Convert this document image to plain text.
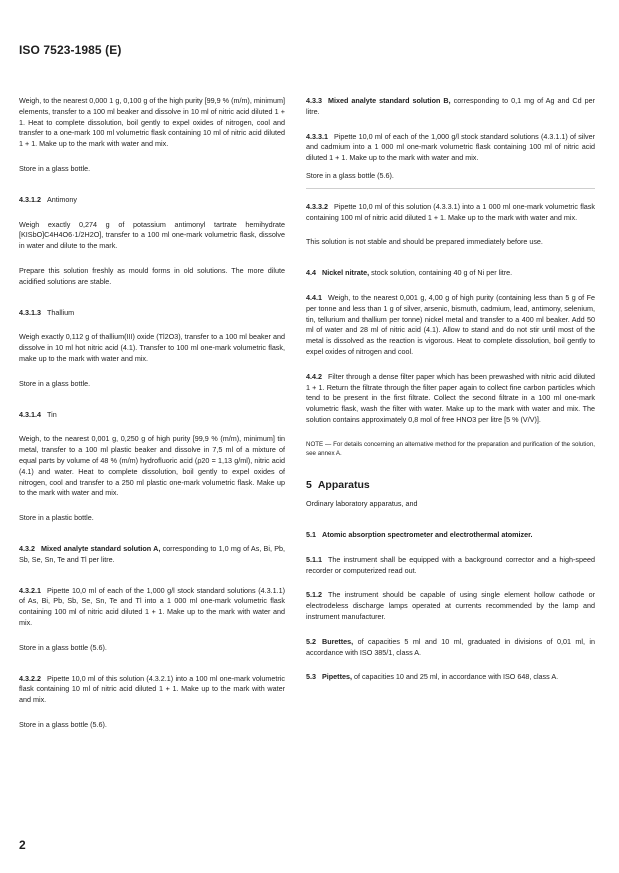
ISO 7523-1985 (E)

Weigh, to the nearest 0,000 1 g, 0,100 g of the high purity [99,9 % (m/m), minimum] elements, transfer to a 100 ml beaker and dissolve in 10 ml of nitric acid diluted 1 + 1. Heat to complete dissolution, boil gently to expel oxides of nitrogen, cool and transfer to a one-mark 100 ml volumetric flask containing 10 ml of nitric acid diluted 1 + 1. Make up to the mark with water and mix.

Store in a glass bottle.

4.3.1.2 Antimony

Weigh exactly 0,274 g of potassium antimonyl tartrate hemihydrate [KISbO]C4H4O6·1/2H2O], transfer to a 100 ml one-mark volumetric flask, dissolve in water and dilute to the mark.

Prepare this solution freshly as mould forms in old solutions. The more dilute acidified solutions are stable.

4.3.1.3 Thallium

Weigh exactly 0,112 g of thallium(III) oxide (Tl2O3), transfer to a 100 ml beaker and dissolve in 10 ml hot nitric acid (4.1). Transfer to 100 ml one-mark volumetric flask, make up to the mark with water and mix.

Store in a glass bottle.

4.3.1.4 Tin

Weigh, to the nearest 0,001 g, 0,250 g of high purity [99,9 % (m/m), minimum] tin metal, transfer to a 100 ml plastic beaker and dissolve in 7,5 ml of a mixture of equal parts by volume of 48 % (m/m) hydrofluoric acid (ρ20 = 1,13 g/ml), nitric acid (4.1) and water. Heat to complete dissolution, boil gently to expel oxides of nitrogen, cool and transfer to a 250 ml plastic one-mark volumetric flask. Make up to the mark with water and mix.

Store in a plastic bottle.

4.3.2 Mixed analyte standard solution A, corresponding to 1,0 mg of As, Bi, Pb, Sb, Se, Sn, Te and Tl per litre.

4.3.2.1 Pipette 10,0 ml of each of the 1,000 g/l stock standard solutions (4.3.1.1) of As, Bi, Pb, Sb, Se, Sn, Te and Tl into a 1 000 ml one-mark volumetric flask containing 100 ml of nitric acid diluted 1 + 1. Make up to the mark with water and mix.

Store in a glass bottle (5.6).

4.3.2.2 Pipette 10,0 ml of this solution (4.3.2.1) into a 100 ml one-mark volumetric flask containing 10 ml of nitric acid diluted 1 + 1. Make up to the mark with water and mix.

Store in a glass bottle (5.6).

4.3.3 Mixed analyte standard solution B, corresponding to 0,1 mg of Ag and Cd per litre.

4.3.3.1 Pipette 10,0 ml of each of the 1,000 g/l stock standard solutions (4.3.1.1) of silver and cadmium into a 1 000 ml one-mark volumetric flask containing 100 ml of nitric acid diluted 1 + 1. Make up to the mark with water and mix.

Store in a glass bottle (5.6).

4.3.3.2 Pipette 10,0 ml of this solution (4.3.3.1) into a 1 000 ml one-mark volumetric flask containing 100 ml of nitric acid diluted 1 + 1. Make up to the mark with water and mix.

This solution is not stable and should be prepared immediately before use.

4.4 Nickel nitrate, stock solution, containing 40 g of Ni per litre.

4.4.1 Weigh, to the nearest 0,001 g, 4,00 g of high purity (containing less than 5 g of Fe per tonne and less than 1 g of silver, arsenic, bismuth, cadmium, lead, antimony, selenium, tin, tellurium and thallium per tonne) nickel metal and transfer to a 400 ml beaker. Add 50 ml of water and 28 ml of nitric acid (4.1). Allow to stand and do not stir until most of the metal is dissolved as the reaction is vigorous. Heat to complete dissolution, boil gently to expel oxides of nitrogen and cool.

4.4.2 Filter through a dense filter paper which has been prewashed with nitric acid diluted 1 + 1. Return the filtrate through the filter paper again to collect fine carbon particles which tend to be present in the first filtrate. Collect the second filtrate in a 100 ml one-mark volumetric flask, wash the filter with water. Make up to the mark with water and mix. The solution contains approximately 0,8 mol of free HNO3 per litre [5 % (V/V)].

NOTE — For details concerning an alternative method for the preparation and purification of the solution, see annex A.

5 Apparatus

Ordinary laboratory apparatus, and

5.1 Atomic absorption spectrometer and electrothermal atomizer.

5.1.1 The instrument shall be equipped with a background corrector and a high-speed recorder or computerized read out.

5.1.2 The instrument should be capable of using single element hollow cathode or electrodeless discharge lamps operated at currents recommended by the lamp and instrument manufacturer.

5.2 Burettes, of capacities 5 ml and 10 ml, graduated in divisions of 0,01 ml, in accordance with ISO 385/1, class A.

5.3 Pipettes, of capacities 10 and 25 ml, in accordance with ISO 648, class A.

2
